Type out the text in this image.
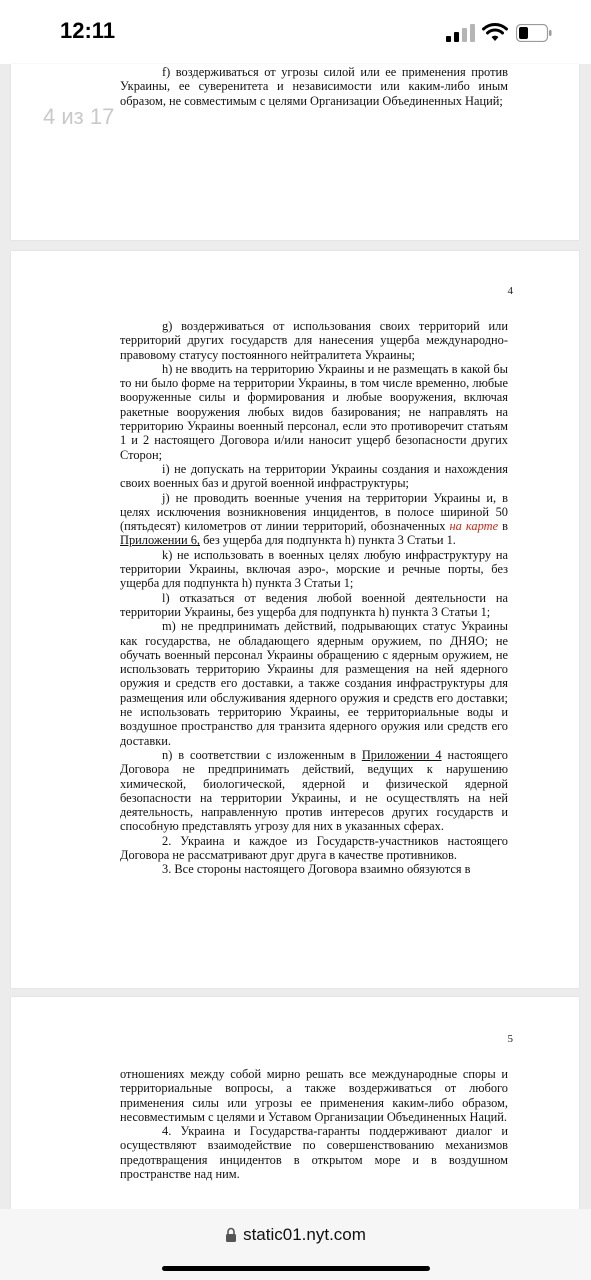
12:11

f) воздерживаться от угрозы силой или ее применения против Украины, ее суверенитета и независимости или каким-либо иным образом, не совместимым с целями Организации Объединенных Наций;

4 из 17
4

g) воздерживаться от использования своих территорий или территорий других государств для нанесения ущерба международно-правовому статусу постоянного нейтралитета Украины;

h) не вводить на территорию Украины и не размещать в какой бы то ни было форме на территории Украины, в том числе временно, любые вооруженные силы и формирования и любые вооружения, включая ракетные вооружения любых видов базирования; не направлять на территорию Украины военный персонал, если это противоречит статьям 1 и 2 настоящего Договора и/или наносит ущерб безопасности других Сторон;

i) не допускать на территории Украины создания и нахождения своих военных баз и другой военной инфраструктуры;

j) не проводить военные учения на территории Украины и, в целях исключения возникновения инцидентов, в полосе шириной 50 (пятьдесят) километров от линии территорий, обозначенных на карте в Приложении 6, без ущерба для подпункта h) пункта 3 Статьи 1.

k) не использовать в военных целях любую инфраструктуру на территории Украины, включая аэро-, морские и речные порты, без ущерба для подпункта h) пункта 3 Статьи 1;

l) отказаться от ведения любой военной деятельности на территории Украины, без ущерба для подпункта h) пункта 3 Статьи 1;

m) не предпринимать действий, подрывающих статус Украины как государства, не обладающего ядерным оружием, по ДНЯО; не обучать военный персонал Украины обращению с ядерным оружием, не использовать территорию Украины для размещения на ней ядерного оружия и средств его доставки, а также создания инфраструктуры для размещения или обслуживания ядерного оружия и средств его доставки; не использовать территорию Украины, ее территориальные воды и воздушное пространство для транзита ядерного оружия или средств его доставки.

n) в соответствии с изложенным в Приложении 4 настоящего Договора не предпринимать действий, ведущих к нарушению химической, биологической, ядерной и физической ядерной безопасности на территории Украины, и не осуществлять на ней деятельность, направленную против интересов других государств и способную представлять угрозу для них в указанных сферах.

2. Украина и каждое из Государств-участников настоящего Договора не рассматривают друг друга в качестве противников.

3. Все стороны настоящего Договора взаимно обязуются в

5

отношениях между собой мирно решать все международные споры и территориальные вопросы, а также воздерживаться от любого применения силы или угрозы ее применения каким-либо образом, несовместимым с целями и Уставом Организации Объединенных Наций.

4. Украина и Государства-гаранты поддерживают диалог и осуществляют взаимодействие по совершенствованию механизмов предотвращения инцидентов в открытом море и в воздушном пространстве над ним.

static01.nyt.com
